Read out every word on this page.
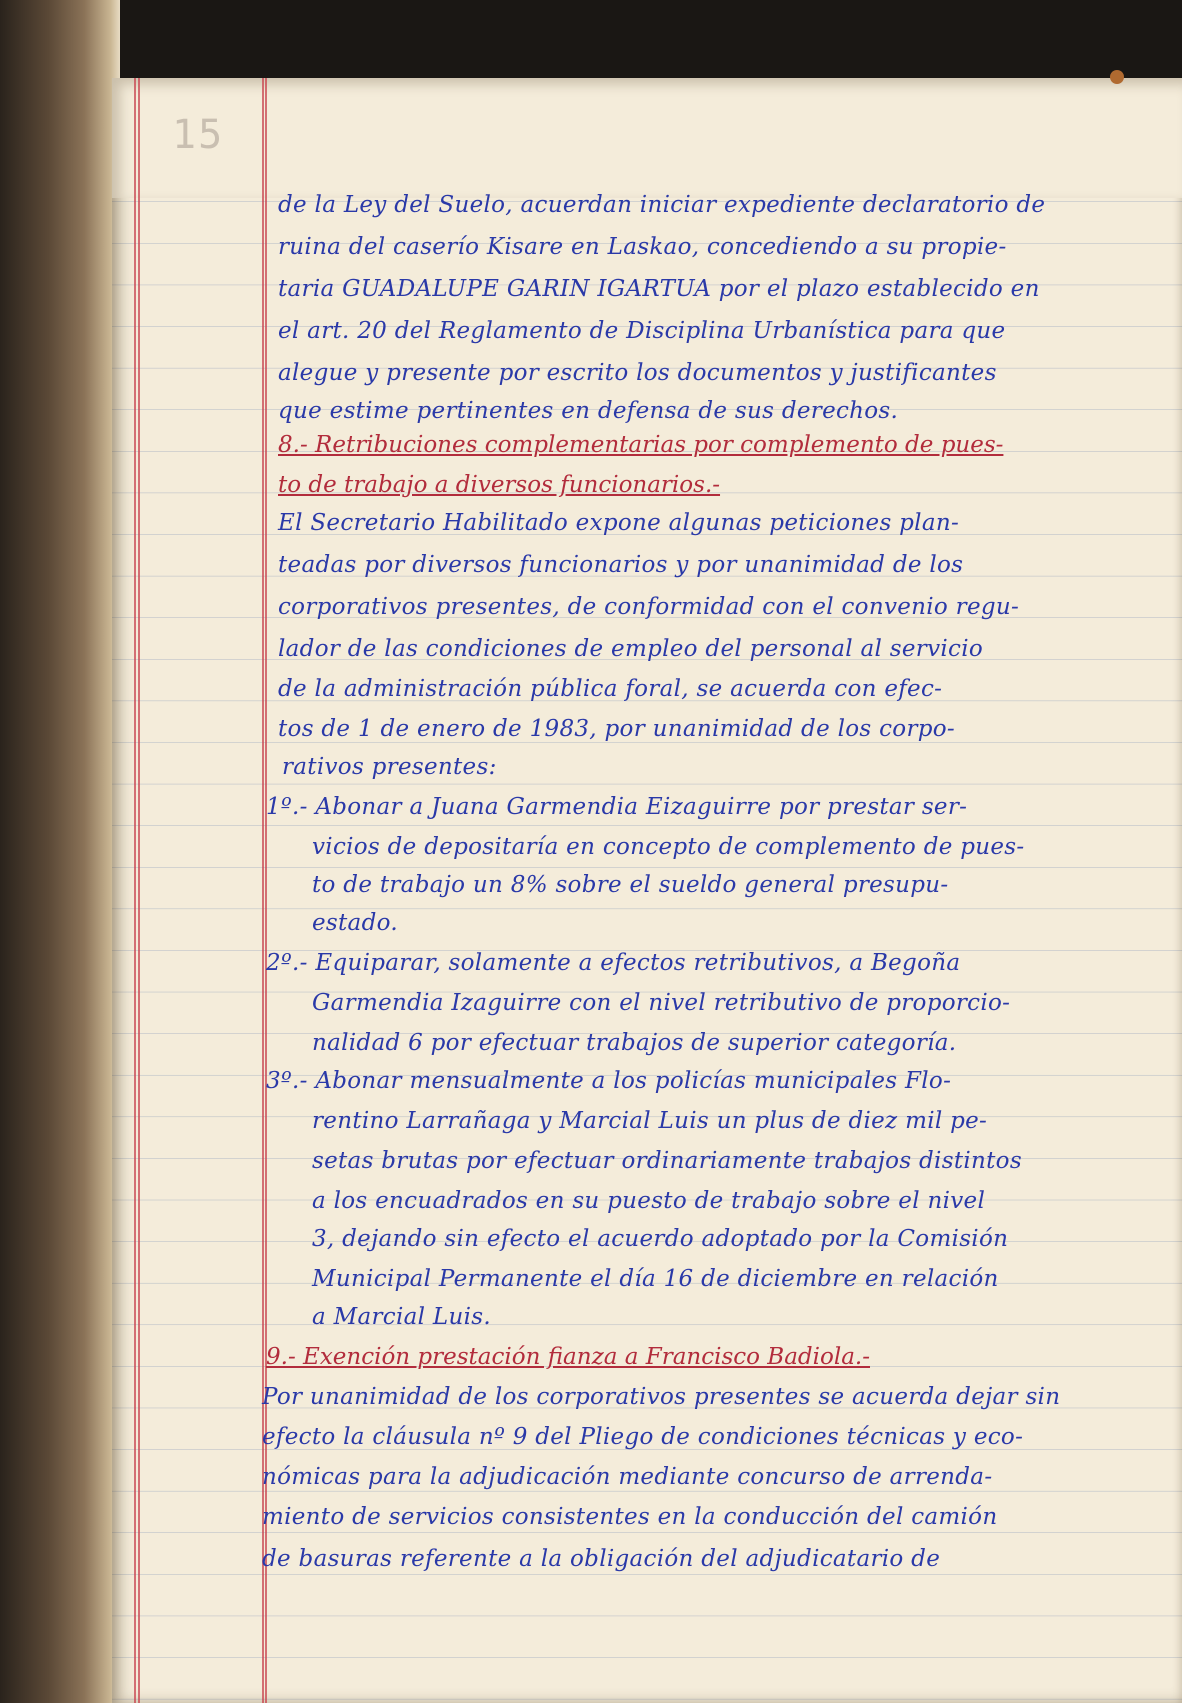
15
de la Ley del Suelo, acuerdan iniciar expediente declaratorio de
ruina del caserío Kisare en Laskao, concediendo a su propie-
taria GUADALUPE GARIN IGARTUA por el plazo establecido en
el art. 20 del Reglamento de Disciplina Urbanística para que
alegue y presente por escrito los documentos y justificantes
que estime pertinentes en defensa de sus derechos.
8.- Retribuciones complementarias por complemento de pues-
to de trabajo a diversos funcionarios.-
El Secretario Habilitado expone algunas peticiones plan-
teadas por diversos funcionarios y por unanimidad de los
corporativos presentes, de conformidad con el convenio regu-
lador de las condiciones de empleo del personal al servicio
de la administración pública foral, se acuerda con efec-
tos de 1 de enero de 1983, por unanimidad de los corpo-
rativos presentes:
1º.- Abonar a Juana Garmendia Eizaguirre por prestar ser-
vicios de depositaría en concepto de complemento de pues-
to de trabajo un 8% sobre el sueldo general presupu-
estado.
2º.- Equiparar, solamente a efectos retributivos, a Begoña
Garmendia Izaguirre con el nivel retributivo de proporcio-
nalidad 6 por efectuar trabajos de superior categoría.
3º.- Abonar mensualmente a los policías municipales Flo-
rentino Larrañaga y Marcial Luis un plus de diez mil pe-
setas brutas por efectuar ordinariamente trabajos distintos
a los encuadrados en su puesto de trabajo sobre el nivel
3, dejando sin efecto el acuerdo adoptado por la Comisión
Municipal Permanente el día 16 de diciembre en relación
a Marcial Luis.
9.- Exención prestación fianza a Francisco Badiola.-
Por unanimidad de los corporativos presentes se acuerda dejar sin
efecto la cláusula nº 9 del Pliego de condiciones técnicas y eco-
nómicas para la adjudicación mediante concurso de arrenda-
miento de servicios consistentes en la conducción del camión
de basuras referente a la obligación del adjudicatario de
